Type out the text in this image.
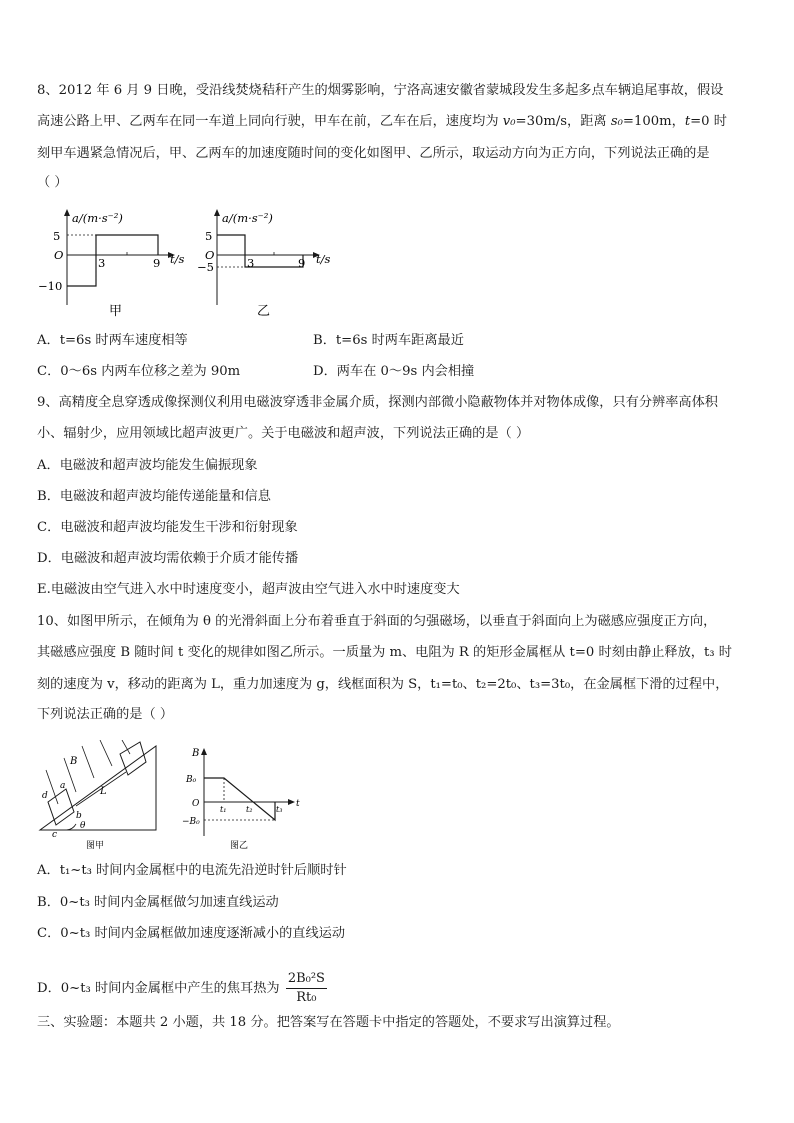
8、2012 年 6 月 9 日晚，受沿线焚烧秸秆产生的烟雾影响，宁洛高速安徽省蒙城段发生多起多点车辆追尾事故，假设
高速公路上甲、乙两车在同一车道上同向行驶，甲车在前，乙车在后，速度均为 v₀=30m/s，距离 s₀=100m，t=0 时
刻甲车遇紧急情况后，甲、乙两车的加速度随时间的变化如图甲、乙所示，取运动方向为正方向，下列说法正确的是
（ ）
a/(m·s⁻²)
5
O
−10
3	9 t/s
甲
a/(m·s⁻²)
5
O
−5	3	9 t/s
乙
A．t=6s 时两车速度相等	B．t=6s 时两车距离最近
C．0～6s 内两车位移之差为 90m	D．两车在 0～9s 内会相撞
9、高精度全息穿透成像探测仪利用电磁波穿透非金属介质，探测内部微小隐蔽物体并对物体成像，只有分辨率高体积
小、辐射少，应用领域比超声波更广。关于电磁波和超声波，下列说法正确的是（ ）
A．电磁波和超声波均能发生偏振现象
B．电磁波和超声波均能传递能量和信息
C．电磁波和超声波均能发生干涉和衍射现象
D．电磁波和超声波均需依赖于介质才能传播
E.电磁波由空气进入水中时速度变小，超声波由空气进入水中时速度变大
10、如图甲所示，在倾角为 θ 的光滑斜面上分布着垂直于斜面的匀强磁场，以垂直于斜面向上为磁感应强度正方向，
其磁感应强度 B 随时间 t 变化的规律如图乙所示。一质量为 m、电阻为 R 的矩形金属框从 t=0 时刻由静止释放，t₃ 时
刻的速度为 v，移动的距离为 L，重力加速度为 g，线框面积为 S，t₁=t₀、t₂=2t₀、t₃=3t₀，在金属框下滑的过程中，
下列说法正确的是（ ）
B
d
a
b
c
L
θ
图甲
B
B₀
O
−B₀
t₁ t₂	t₃
t
图乙
A．t₁~t₃ 时间内金属框中的电流先沿逆时针后顺时针
B．0~t₃ 时间内金属框做匀加速直线运动
C．0~t₃ 时间内金属框做加速度逐渐减小的直线运动
D．0~t₃ 时间内金属框中产生的焦耳热为 $\frac{\text{2B₀²S}}{\text{Rt₀}}$
三、实验题：本题共 2 小题，共 18 分。把答案写在答题卡中指定的答题处，不要求写出演算过程。
